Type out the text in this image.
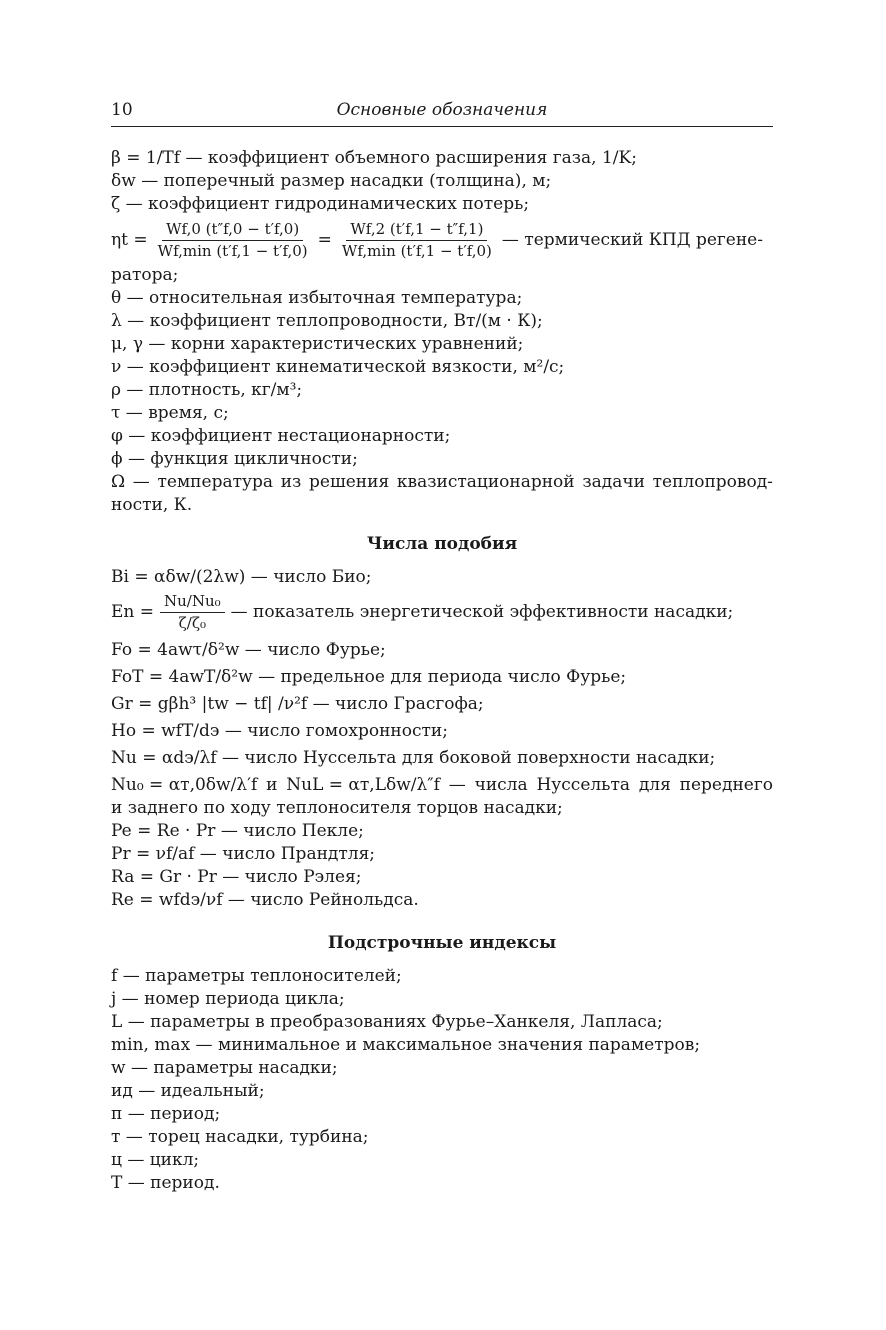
10	Основные обозначения
β = 1/Tf — коэффициент объемного расширения газа, 1/K;
δw — поперечный размер насадки (толщина), м;
ζ — коэффициент гидродинамических потерь;
$\eta t = \frac{Wf,0 (t''f,0 - t'f,0)}{Wf,\min (t'f,1 - t'f,0)} = \frac{Wf,2 (t'f,1 - t''f,1)}{Wf,\min (t'f,1 - t'f,0)}$ — термический КПД регене-
ратора;
θ — относительная избыточная температура;
λ — коэффициент теплопроводности, Вт/(м · К);
μ, γ — корни характеристических уравнений;
ν — коэффициент кинематической вязкости, м²/с;
ρ — плотность, кг/м³;
τ — время, с;
φ — коэффициент нестационарности;
ϕ — функция цикличности;
Ω — температура из решения квазистационарной задачи теплопровод-
ности, К.
Числа подобия
Bi = αδw/(2λw) — число Био;
$En = \frac{\text{Nu/Nu₀}}{\text{ζ/ζ₀}}$ — показатель энергетической эффективности насадки;
Fo = 4awτ/δ²w — число Фурье;
FoT = 4awT/δ²w — предельное для периода число Фурье;
Gr = gβh³ |tw − tf| /ν²f — число Грасгофа;
Ho = wfT/dэ — число гомохронности;
Nu = αdэ/λf — число Нуссельта для боковой поверхности насадки;
Nu₀ = αт,0δw/λ′f и NuL = αт,Lδw/λ″f — числа Нуссельта для переднего
и заднего по ходу теплоносителя торцов насадки;
Pe = Re · Pr — число Пекле;
Pr = νf/af — число Прандтля;
Ra = Gr · Pr — число Рэлея;
Re = wfdэ/νf — число Рейнольдса.
Подстрочные индексы
f — параметры теплоносителей;
j — номер периода цикла;
L — параметры в преобразованиях Фурье–Ханкеля, Лапласа;
min, max — минимальное и максимальное значения параметров;
w — параметры насадки;
ид — идеальный;
п — период;
т — торец насадки, турбина;
ц — цикл;
T — период.
